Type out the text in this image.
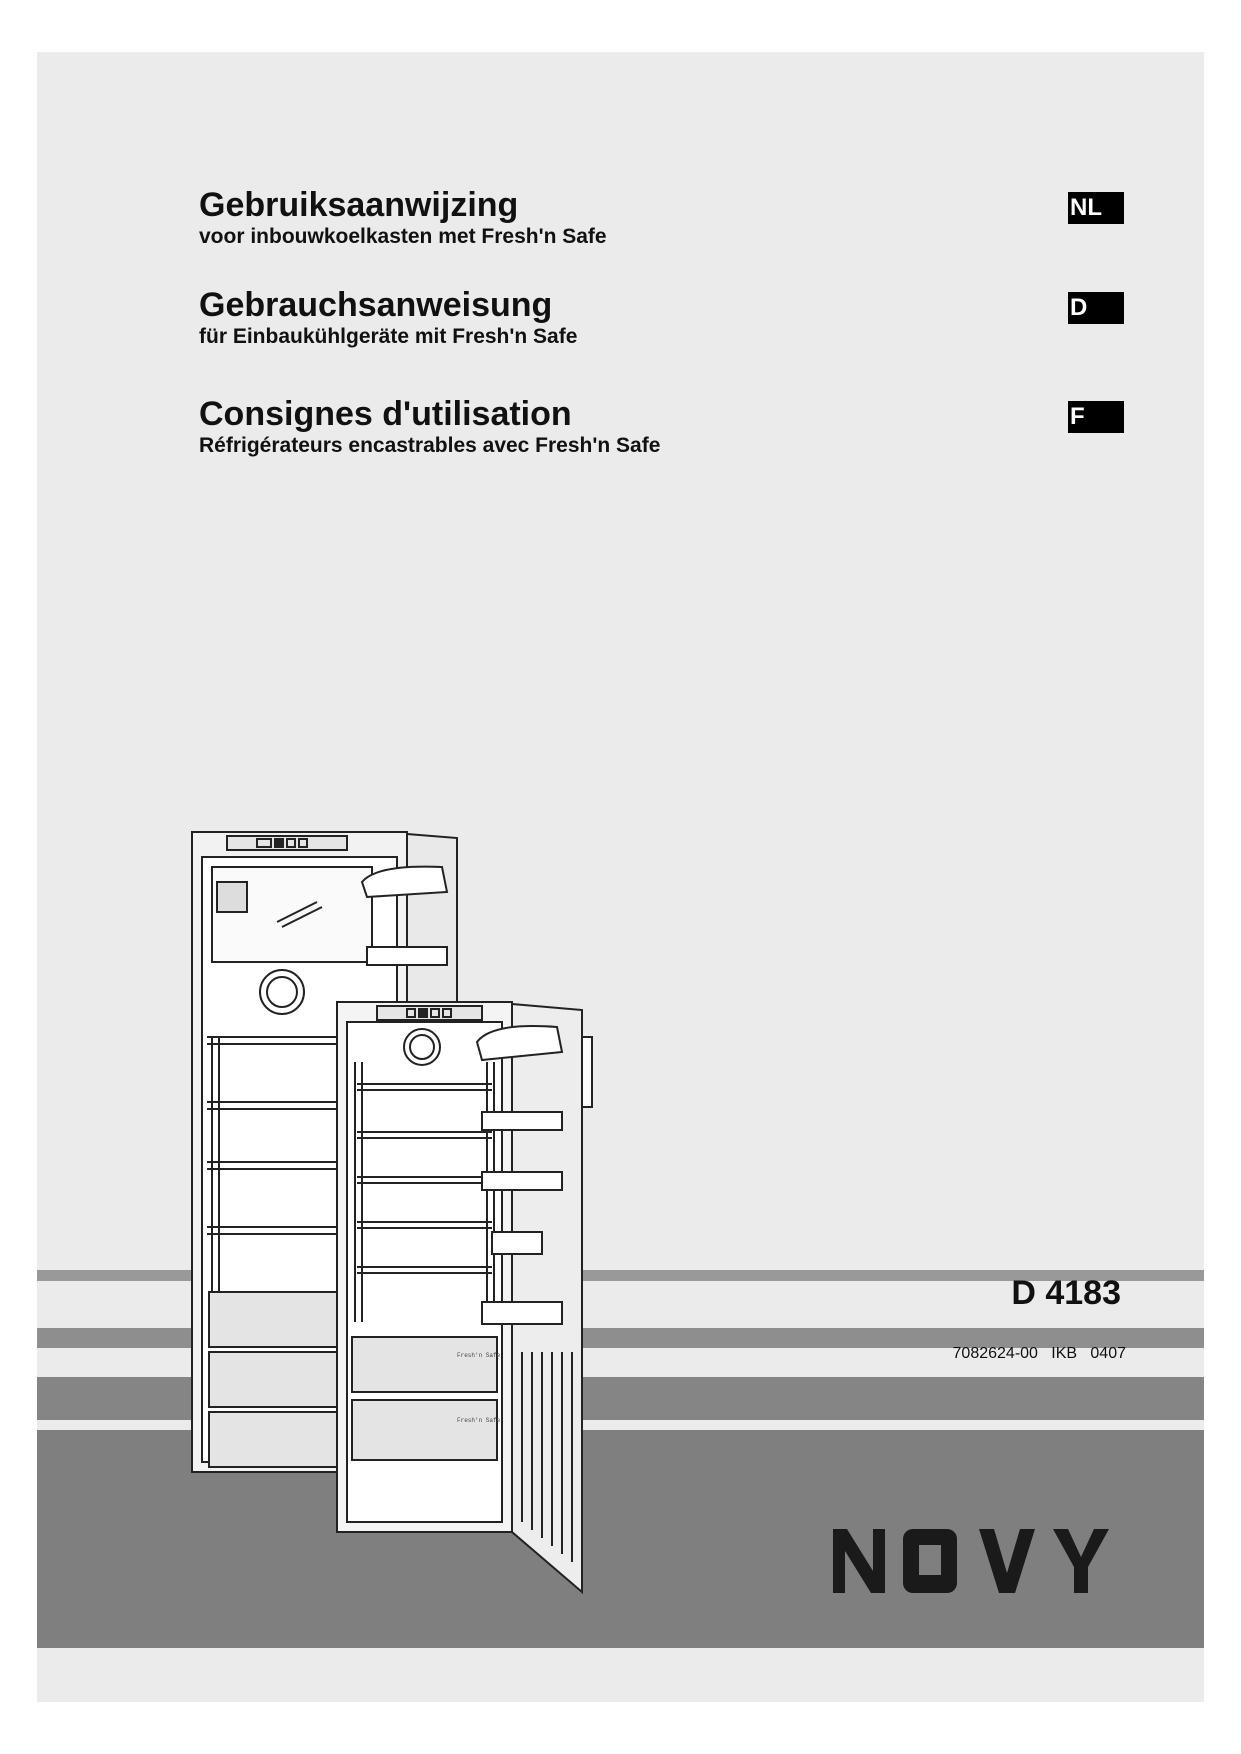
Gebruiksaanwijzing
voor inbouwkoelkasten met Fresh'n Safe
NL
Gebrauchsanweisung
für Einbaukühlgeräte mit Fresh'n Safe
D
Consignes d'utilisation
Réfrigérateurs encastrables avec Fresh'n Safe
F
Fresh'n Safe
Fresh'n Safe
D 4183
7082624-00   IKB   0407
